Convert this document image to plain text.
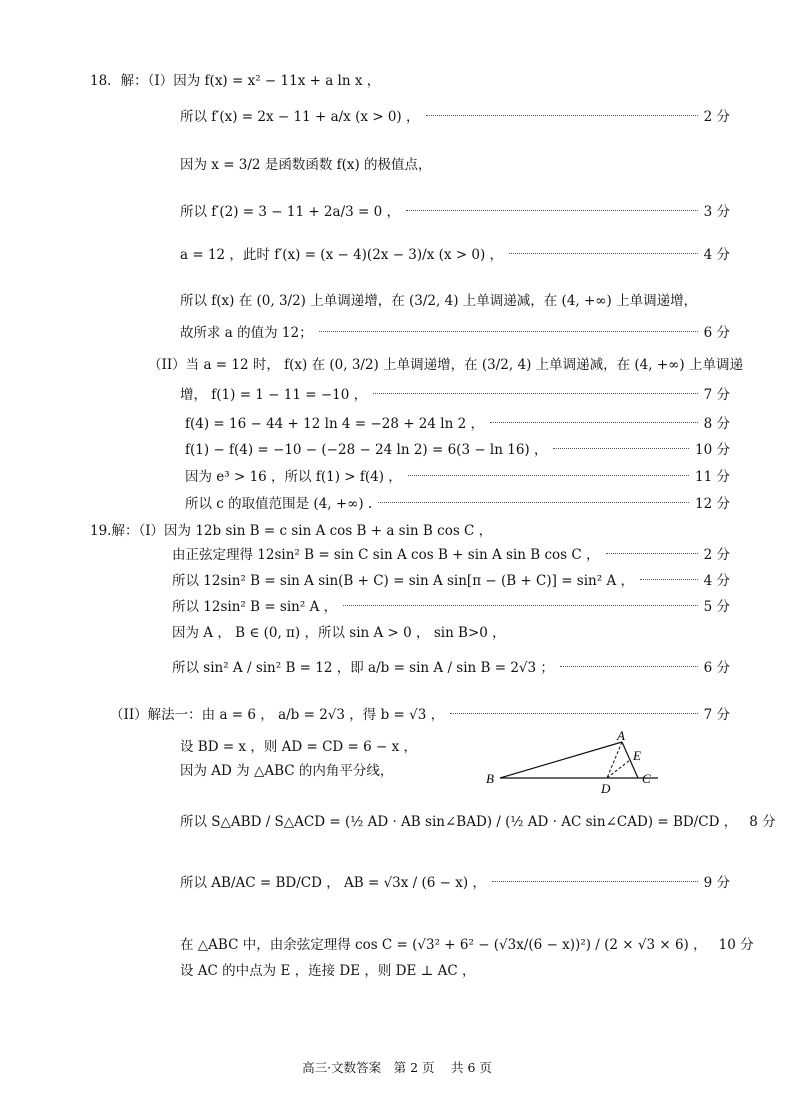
18．解：（I）因为 f(x) = x² − 11x + a ln x ，
所以 f′(x) = 2x − 11 + a/x (x > 0) ，	2 分
因为 x = 3/2 是函数函数 f(x) 的极值点，
所以 f′(2) = 3 − 11 + 2a/3 = 0 ，	3 分
a = 12 ，此时 f′(x) = (x − 4)(2x − 3)/x (x > 0) ，	4 分
所以 f(x) 在 (0, 3/2) 上单调递增，在 (3/2, 4) 上单调递减，在 (4, +∞) 上单调递增，
故所求 a 的值为 12；	6 分
（II）当 a = 12 时， f(x) 在 (0, 3/2) 上单调递增，在 (3/2, 4) 上单调递减，在 (4, +∞) 上单调递
增， f(1) = 1 − 11 = −10 ，	7 分
f(4) = 16 − 44 + 12 ln 4 = −28 + 24 ln 2 ，	8 分
f(1) − f(4) = −10 − (−28 − 24 ln 2) = 6(3 − ln 16) ，	10 分
因为 e³ > 16 ，所以 f(1) > f(4) ，	11 分
所以 c 的取值范围是 (4, +∞) .	12 分
19.解：（I）因为 12b sin B = c sin A cos B + a sin B cos C ，
由正弦定理得 12sin² B = sin C sin A cos B + sin A sin B cos C ，	2 分
所以 12sin² B = sin A sin(B + C) = sin A sin[π − (B + C)] = sin² A ，	4 分
所以 12sin² B = sin² A ，	5 分
因为 A ， B ∈ (0, π) ，所以 sin A > 0 ， sin B>0 ，
所以 sin² A / sin² B = 12 ，即 a/b = sin A / sin B = 2√3 ；	6 分
（II）解法一：由 a = 6 ， a/b = 2√3 ，得 b = √3 ，	7 分
设 BD = x ，则 AD = CD = 6 − x ，
因为 AD 为 △ABC 的内角平分线，
所以 S△ABD / S△ACD = (½ AD · AB sin∠BAD) / (½ AD · AC sin∠CAD) = BD/CD ， 8 分
所以 AB/AC = BD/CD ， AB = √3x / (6 − x) ，	9 分
在 △ABC 中，由余弦定理得 cos C = (√3² + 6² − (√3x/(6 − x))²) / (2 × √3 × 6) ， 10 分
设 AC 的中点为 E ，连接 DE ，则 DE ⊥ AC ，
B
A
C
D
E
高三·文数答案　第 2 页　 共 6 页
